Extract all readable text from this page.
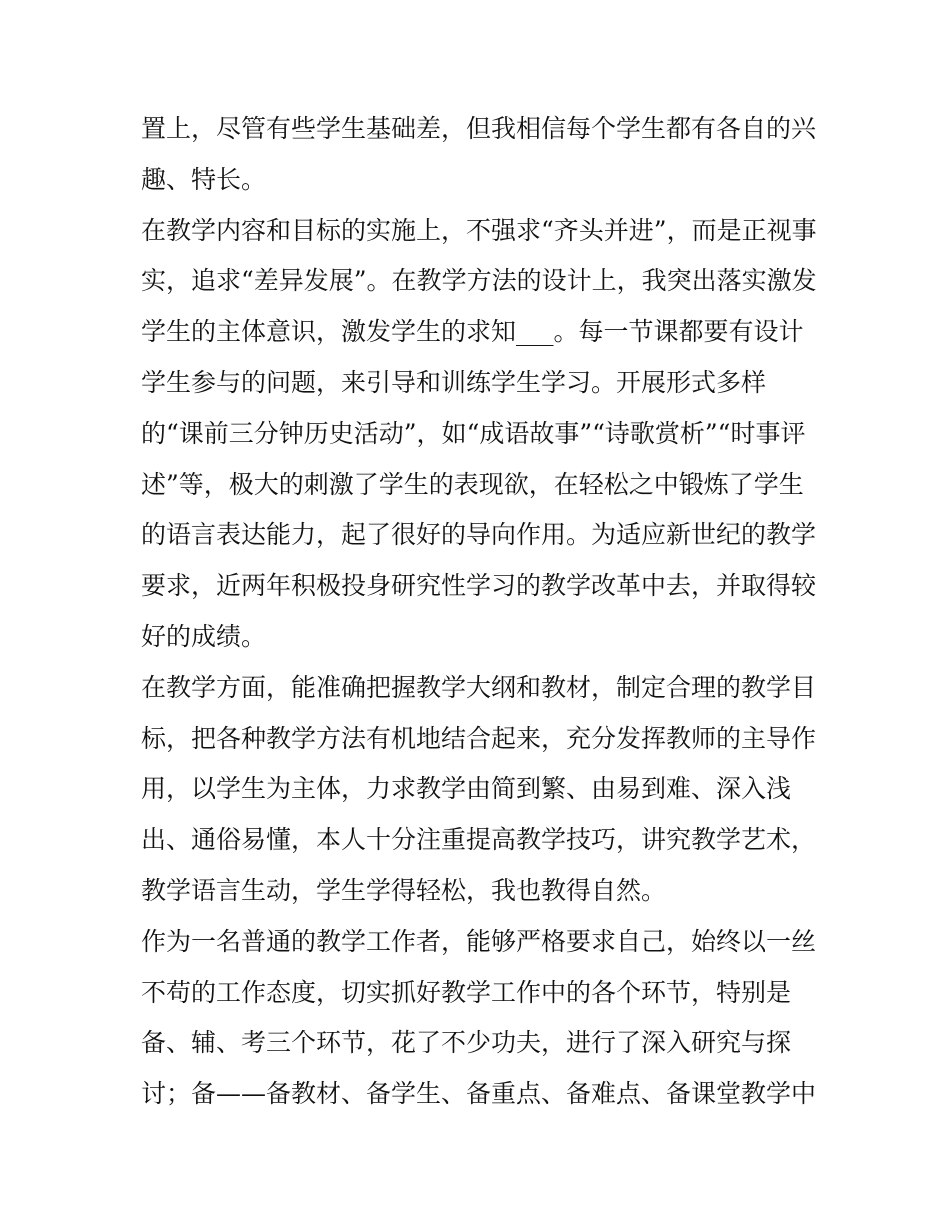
置上，尽管有些学生基础差，但我相信每个学生都有各自的兴
趣、特长。
在教学内容和目标的实施上，不强求“齐头并进”，而是正视事
实，追求“差异发展”。在教学方法的设计上，我突出落实激发
学生的主体意识，激发学生的求知___。每一节课都要有设计
学生参与的问题，来引导和训练学生学习。开展形式多样
的“课前三分钟历史活动”，如“成语故事”“诗歌赏析”“时事评
述”等，极大的刺激了学生的表现欲，在轻松之中锻炼了学生
的语言表达能力，起了很好的导向作用。为适应新世纪的教学
要求，近两年积极投身研究性学习的教学改革中去，并取得较
好的成绩。
在教学方面，能准确把握教学大纲和教材，制定合理的教学目
标，把各种教学方法有机地结合起来，充分发挥教师的主导作
用，以学生为主体，力求教学由简到繁、由易到难、深入浅
出、通俗易懂，本人十分注重提高教学技巧，讲究教学艺术，
教学语言生动，学生学得轻松，我也教得自然。
作为一名普通的教学工作者，能够严格要求自己，始终以一丝
不苟的工作态度，切实抓好教学工作中的各个环节，特别是
备、辅、考三个环节，花了不少功夫，进行了深入研究与探
讨；备——备教材、备学生、备重点、备难点、备课堂教学中
